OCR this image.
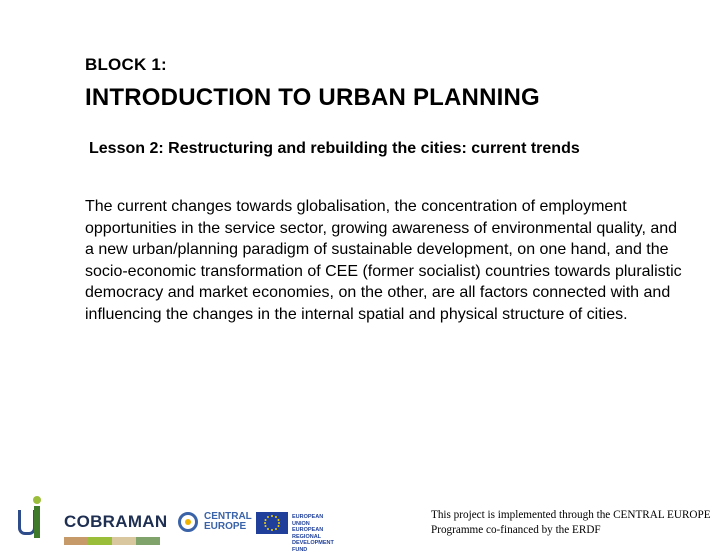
BLOCK 1:
INTRODUCTION TO URBAN PLANNING
Lesson 2: Restructuring and rebuilding the cities: current trends
The current changes towards globalisation, the concentration of employment opportunities in the service sector, growing awareness of environmental quality, and a new urban/planning paradigm of sustainable development, on one hand, and the socio-economic transformation of CEE (former socialist) countries towards pluralistic democracy and market economies, on the other, are all factors connected with and influencing the changes in the internal spatial and physical structure of cities.
COBRAMAN	CENTRAL
EUROPE
EUROPEAN UNION EUROPEAN REGIONAL DEVELOPMENT FUND
This project is implemented through the CENTRAL EUROPE
Programme co-financed by the ERDF
